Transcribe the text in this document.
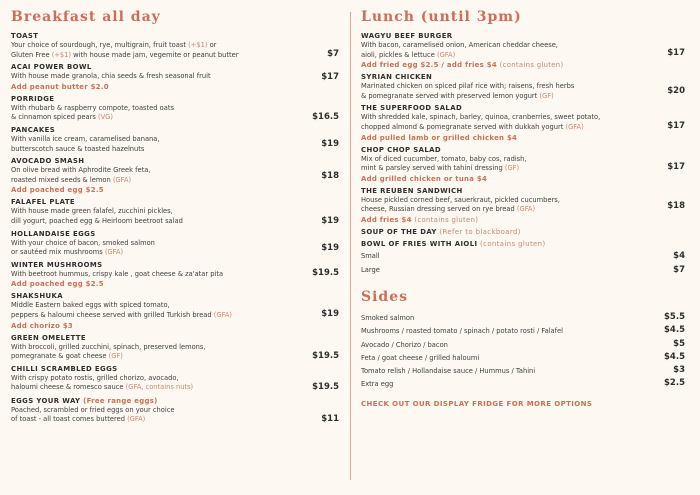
Breakfast all day
TOAST
Your choice of sourdough, rye, multigrain, fruit toast (+$1) or
Gluten Free (+$1) with house made jam, vegemite or peanut butter	$7
ACAI POWER BOWL
With house made granola, chia seeds & fresh seasonal fruit	$17
Add peanut butter $2.0
PORRIDGE
With rhubarb & raspberry compote, toasted oats
& cinnamon spiced pears (VG)	$16.5
PANCAKES
With vanilla ice cream, caramelised banana,
butterscotch sauce & toasted hazelnuts	$19
AVOCADO SMASH
On olive bread with Aphrodite Greek feta,
roasted mixed seeds & lemon (GFA)	$18
Add poached egg $2.5
FALAFEL PLATE
With house made green falafel, zucchini pickles,
dill yogurt, poached egg & Heirloom beetroot salad	$19
HOLLANDAISE EGGS
With your choice of bacon, smoked salmon
or sautéed mix mushrooms (GFA)	$19
WINTER MUSHROOMS
With beetroot hummus, crispy kale , goat cheese & za'atar pita	$19.5
Add poached egg $2.5
SHAKSHUKA
Middle Eastern baked eggs with spiced tomato,
peppers & haloumi cheese served with grilled Turkish bread (GFA)	$19
Add chorizo $3
GREEN OMELETTE
With broccoli, grilled zucchini, spinach, preserved lemons,
pomegranate & goat cheese (GF)	$19.5
CHILLI SCRAMBLED EGGS
With crispy potato rostis, grilled chorizo, avocado,
haloumi cheese & romesco sauce (GFA, contains nuts)	$19.5
EGGS YOUR WAY (Free range eggs)
Poached, scrambled or fried eggs on your choice
of toast - all toast comes buttered (GFA)	$11
Lunch (until 3pm)
WAGYU BEEF BURGER
With bacon, caramelised onion, American cheddar cheese,
aioli, pickles & lettuce (GFA)	$17
Add fried egg $2.5 / add fries $4 (contains gluten)
SYRIAN CHICKEN
Marinated chicken on spiced pilaf rice with; raisens, fresh herbs
& pomegranate served with preserved lemon yogurt (GF)	$20
THE SUPERFOOD SALAD
With shredded kale, spinach, barley, quinoa, cranberries, sweet potato,
chopped almond & pomegranate served with dukkah yogurt (GFA)	$17
Add pulled lamb or grilled chicken $4
CHOP CHOP SALAD
Mix of diced cucumber, tomato, baby cos, radish,
mint & parsley served with tahini dressing (GF)	$17
Add grilled chicken or tuna $4
THE REUBEN SANDWICH
House pickled corned beef, sauerkraut, pickled cucumbers,
cheese, Russian dressing served on rye bread (GFA)	$18
Add fries $4 (contains gluten)
SOUP OF THE DAY (Refer to blackboard)
BOWL OF FRIES WITH AIOLI (contains gluten)
Small	$4
Large	$7
Sides
Smoked salmon	$5.5
Mushrooms / roasted tomato / spinach / potato rosti / Falafel	$4.5
Avocado / Chorizo / bacon	$5
Feta / goat cheese / grilled haloumi	$4.5
Tomato relish / Hollandaise sauce / Hummus / Tahini	$3
Extra egg	$2.5
CHECK OUT OUR DISPLAY FRIDGE FOR MORE OPTIONS
